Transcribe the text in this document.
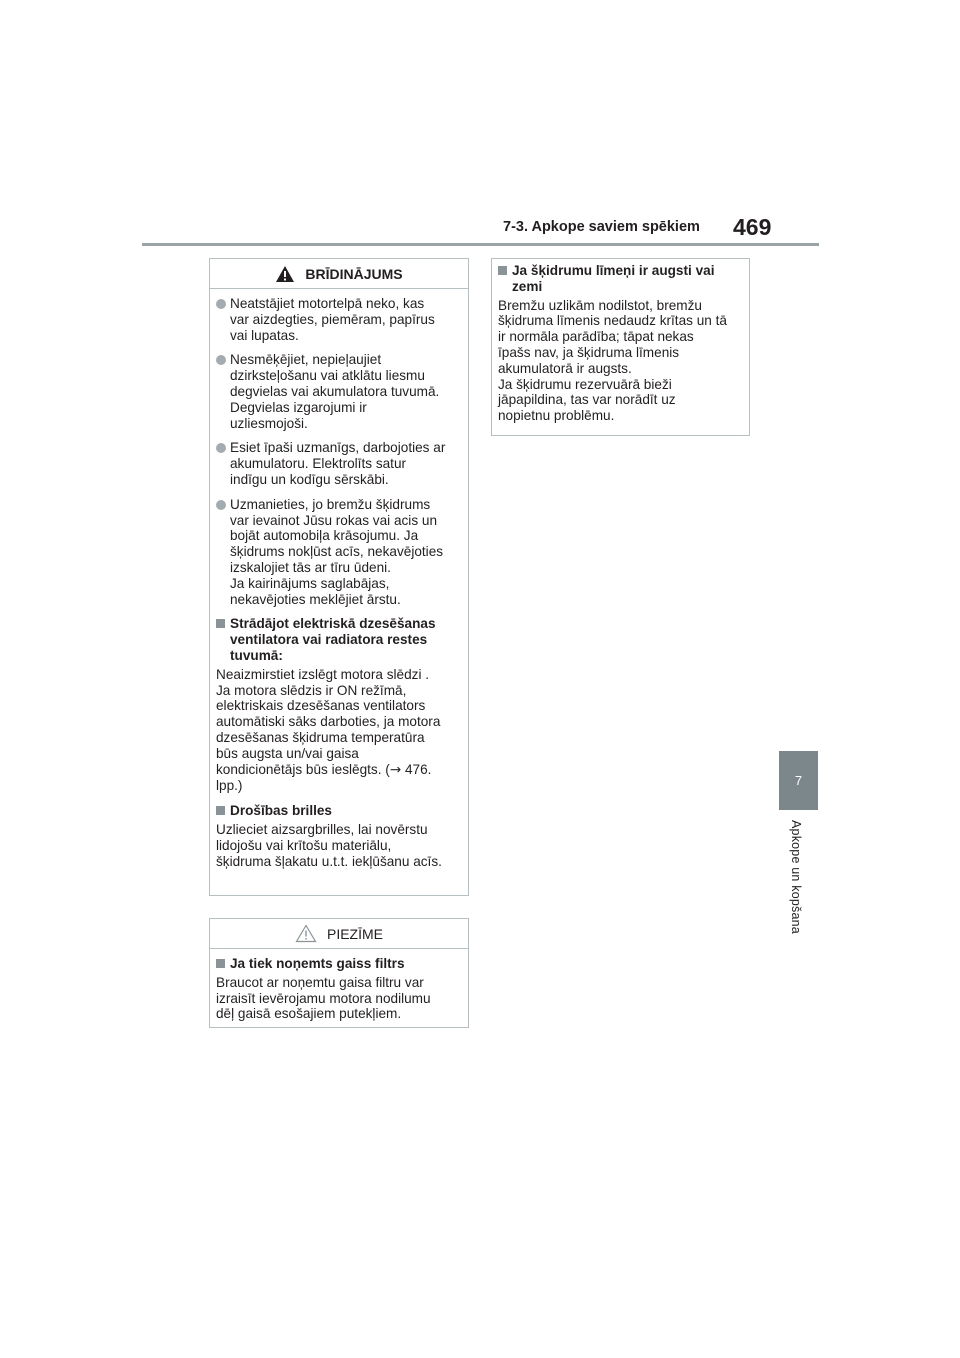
7-3. Apkope saviem spēkiem 469
7
Apkope un kopšana
BRĪDINĀJUMS
Neatstājiet motortelpā neko, kas
var aizdegties, piemēram, papīrus
vai lupatas.
Nesmēķējiet, nepieļaujiet
dzirksteļošanu vai atklātu liesmu
degvielas vai akumulatora tuvumā.
Degvielas izgarojumi ir
uzliesmojoši.
Esiet īpaši uzmanīgs, darbojoties ar
akumulatoru. Elektrolīts satur
indīgu un kodīgu sērskābi.
Uzmanieties, jo bremžu šķidrums
var ievainot Jūsu rokas vai acis un
bojāt automobiļa krāsojumu. Ja
šķidrums nokļūst acīs, nekavējoties
izskalojiet tās ar tīru ūdeni.
Ja kairinājums saglabājas,
nekavējoties meklējiet ārstu.
Strādājot elektriskā dzesēšanas
ventilatora vai radiatora restes
tuvumā:
Neaizmirstiet izslēgt motora slēdzi .
Ja motora slēdzis ir ON režīmā,
elektriskais dzesēšanas ventilators
automātiski sāks darboties, ja motora
dzesēšanas šķidruma temperatūra
būs augsta un/vai gaisa
kondicionētājs būs ieslēgts. (→ 476.
lpp.)
Drošības brilles
Uzlieciet aizsargbrilles, lai novērstu
lidojošu vai krītošu materiālu,
šķidruma šļakatu u.t.t. iekļūšanu acīs.
PIEZĪME
Ja tiek noņemts gaiss filtrs
Braucot ar noņemtu gaisa filtru var
izraisīt ievērojamu motora nodilumu
dēļ gaisā esošajiem putekļiem.
Ja šķidrumu līmeņi ir augsti vai
zemi
Bremžu uzlikām nodilstot, bremžu
šķidruma līmenis nedaudz krītas un tā
ir normāla parādība; tāpat nekas
īpašs nav, ja šķidruma līmenis
akumulatorā ir augsts.
Ja šķidrumu rezervuārā bieži
jāpapildina, tas var norādīt uz
nopietnu problēmu.
